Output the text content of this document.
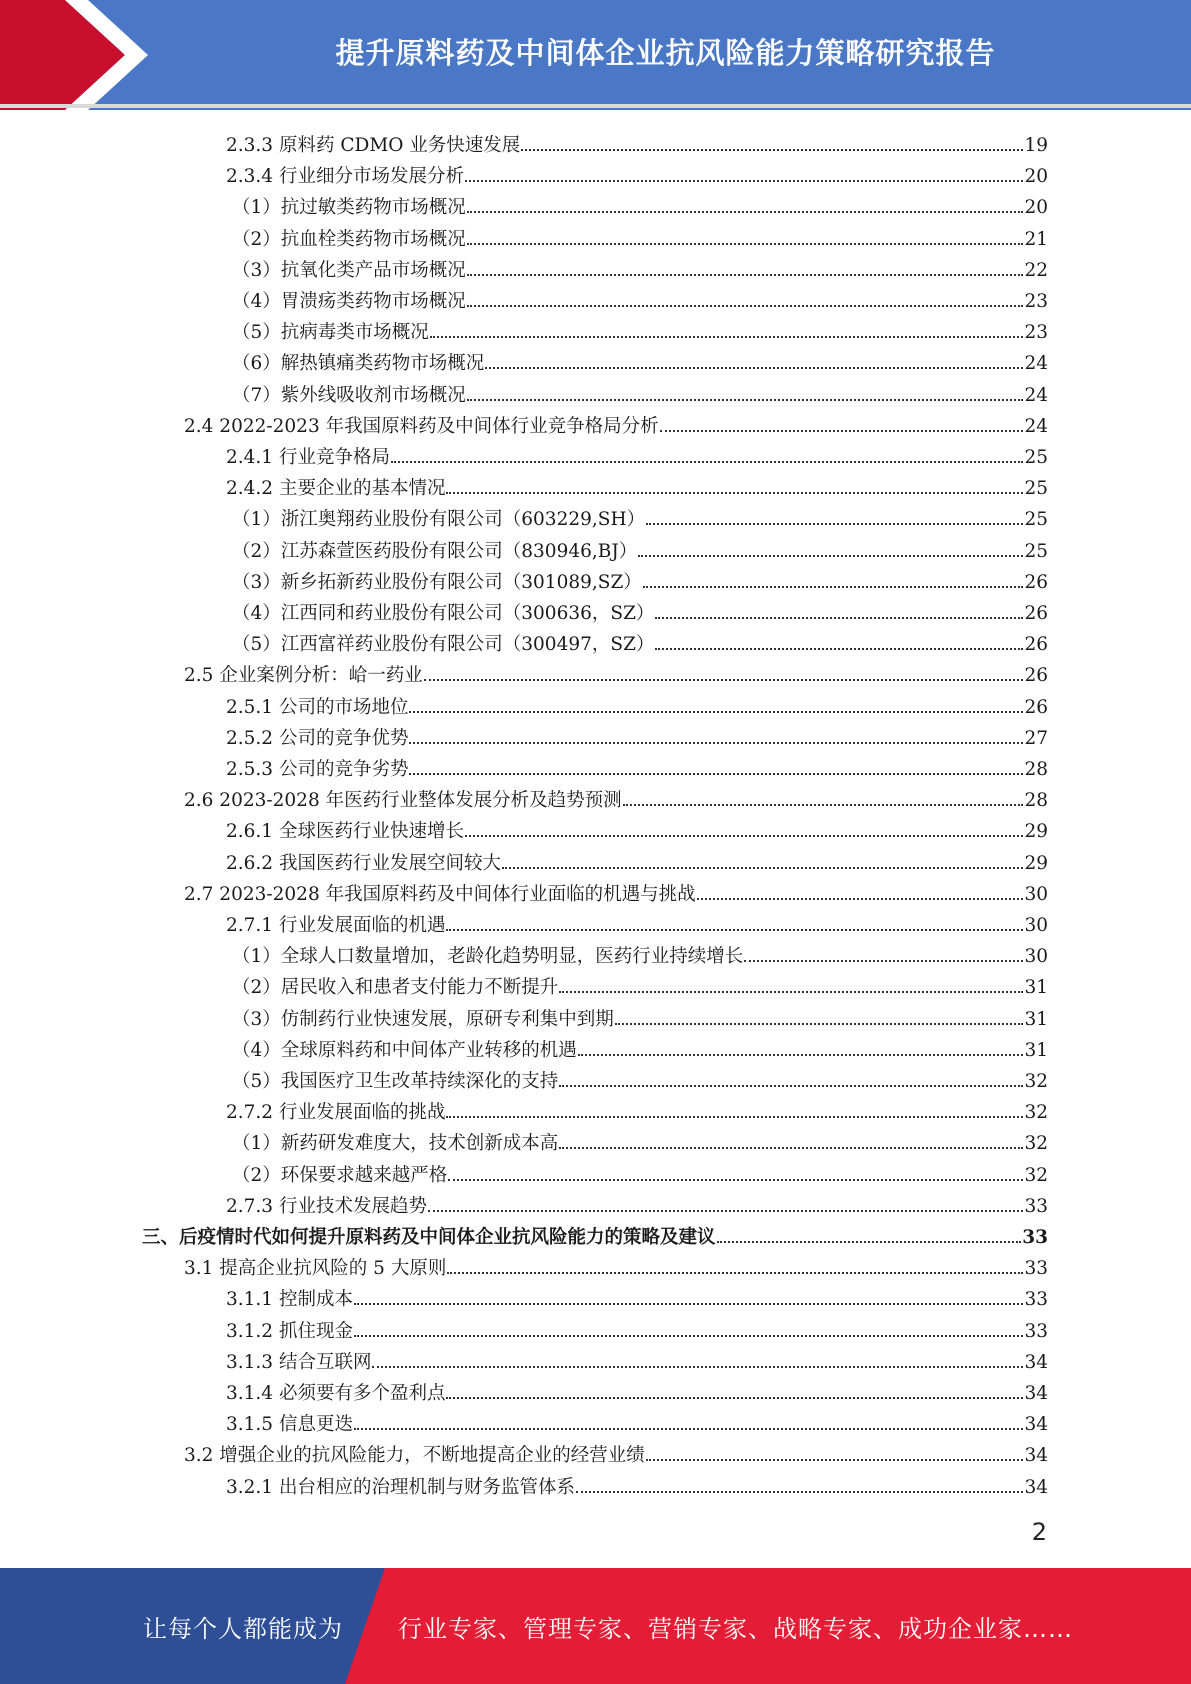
提升原料药及中间体企业抗风险能力策略研究报告
2.3.3 原料药 CDMO 业务快速发展	19
2.3.4 行业细分市场发展分析	20
（1）抗过敏类药物市场概况	20
（2）抗血栓类药物市场概况	21
（3）抗氧化类产品市场概况	22
（4）胃溃疡类药物市场概况	23
（5）抗病毒类市场概况	23
（6）解热镇痛类药物市场概况	24
（7）紫外线吸收剂市场概况	24
2.4 2022-2023 年我国原料药及中间体行业竞争格局分析	24
2.4.1 行业竞争格局	25
2.4.2 主要企业的基本情况	25
（1）浙江奥翔药业股份有限公司（603229,SH）	25
（2）江苏森萱医药股份有限公司（830946,BJ）	25
（3）新乡拓新药业股份有限公司（301089,SZ）	26
（4）江西同和药业股份有限公司（300636，SZ）	26
（5）江西富祥药业股份有限公司（300497，SZ）	26
2.5 企业案例分析：峆一药业	26
2.5.1 公司的市场地位	26
2.5.2 公司的竞争优势	27
2.5.3 公司的竞争劣势	28
2.6 2023-2028 年医药行业整体发展分析及趋势预测	28
2.6.1 全球医药行业快速增长	29
2.6.2 我国医药行业发展空间较大	29
2.7 2023-2028 年我国原料药及中间体行业面临的机遇与挑战	30
2.7.1 行业发展面临的机遇	30
（1）全球人口数量增加，老龄化趋势明显，医药行业持续增长	30
（2）居民收入和患者支付能力不断提升	31
（3）仿制药行业快速发展，原研专利集中到期	31
（4）全球原料药和中间体产业转移的机遇	31
（5）我国医疗卫生改革持续深化的支持	32
2.7.2 行业发展面临的挑战	32
（1）新药研发难度大，技术创新成本高	32
（2）环保要求越来越严格	32
2.7.3 行业技术发展趋势	33
三、后疫情时代如何提升原料药及中间体企业抗风险能力的策略及建议	33
3.1 提高企业抗风险的 5 大原则	33
3.1.1 控制成本	33
3.1.2 抓住现金	33
3.1.3 结合互联网	34
3.1.4 必须要有多个盈利点	34
3.1.5 信息更迭	34
3.2 增强企业的抗风险能力，不断地提高企业的经营业绩	34
3.2.1 出台相应的治理机制与财务监管体系	34
2
让每个人都能成为 行业专家、管理专家、营销专家、战略专家、成功企业家……
